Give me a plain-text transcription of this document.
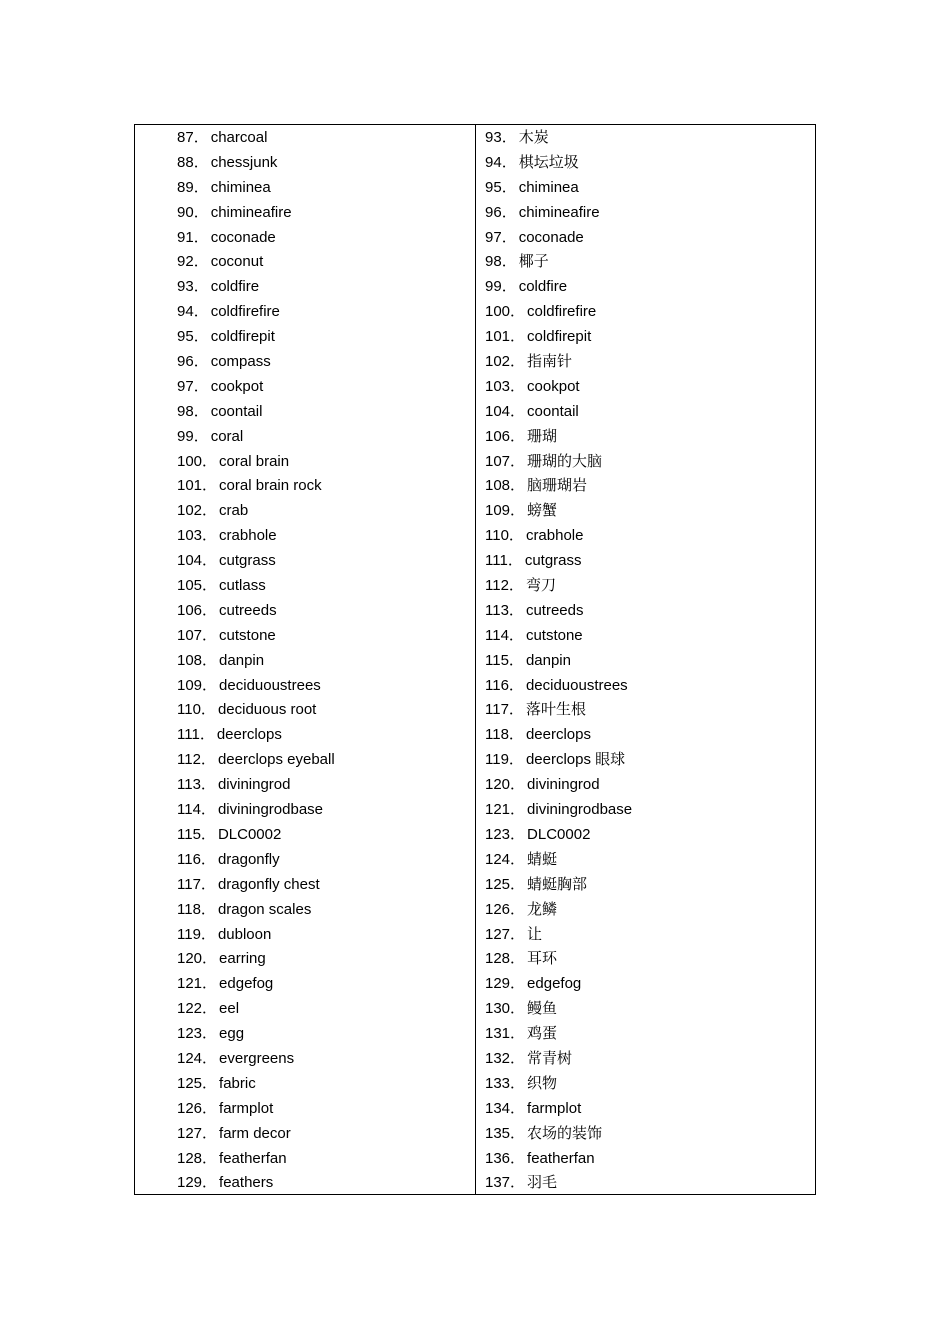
87 ． charcoal
88 ． chessjunk
89 ． chiminea
90 ． chimineafire
91 ． coconade
92 ． coconut
93 ． coldfire
94 ． coldfirefire
95 ． coldfirepit
96 ． compass
97 ． cookpot
98 ． coontail
99 ． coral
100 ． coral brain
101 ． coral brain rock
102 ． crab
103 ． crabhole
104 ． cutgrass
105 ． cutlass
106 ． cutreeds
107 ． cutstone
108 ． danpin
109 ． deciduoustrees
110 ． deciduous root
111 ． deerclops
112 ． deerclops eyeball
113 ． diviningrod
114 ． diviningrodbase
115 ． DLC0002
116 ． dragonfly
117 ． dragonfly chest
118 ． dragon scales
119 ． dubloon
120 ． earring
121 ． edgefog
122 ． eel
123 ． egg
124 ． evergreens
125 ． fabric
126 ． farmplot
127 ． farm decor
128 ． featherfan
129 ． feathers
93 ． 木炭
94 ． 棋坛垃圾
95 ． chiminea
96 ． chimineafire
97 ． coconade
98 ． 椰子
99 ． coldfire
100 ． coldfirefire
101 ． coldfirepit
102 ． 指南针
103 ． cookpot
104 ． coontail
106 ． 珊瑚
107 ． 珊瑚的大脑
108 ． 脑珊瑚岩
109 ． 螃蟹
110 ． crabhole
111 ． cutgrass
112 ． 弯刀
113 ． cutreeds
114 ． cutstone
115 ． danpin
116 ． deciduoustrees
117 ． 落叶生根
118 ． deerclops
119 ． deerclops 眼球
120 ． diviningrod
121 ． diviningrodbase
123 ． DLC0002
124 ． 蜻蜓
125 ． 蜻蜓胸部
126 ． 龙鳞
127 ． 让
128 ． 耳环
129 ． edgefog
130 ． 鳗鱼
131 ． 鸡蛋
132 ． 常青树
133 ． 织物
134 ． farmplot
135 ． 农场的装饰
136 ． featherfan
137 ． 羽毛
